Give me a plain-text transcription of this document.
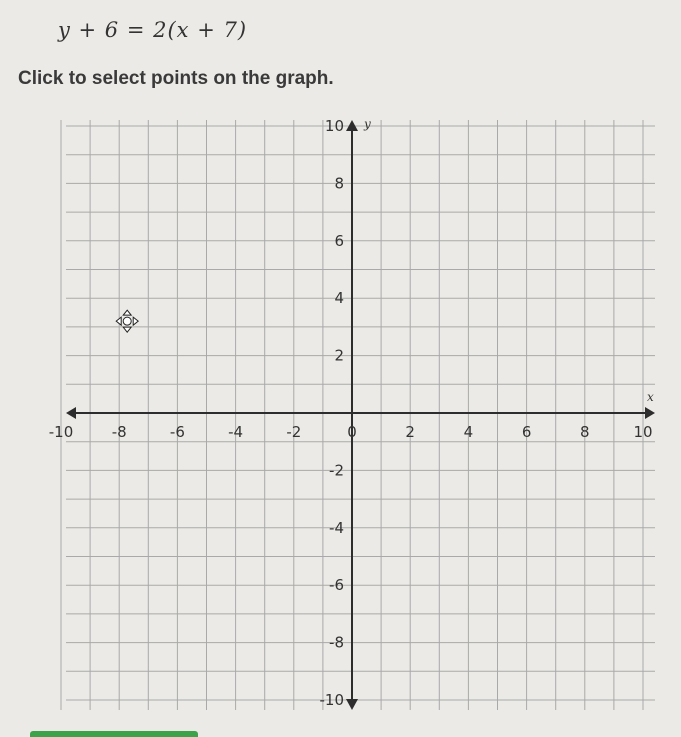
y + 6 = 2(x + 7)
Click to select points on the graph.
x
y
-10	-8	-6	-4	-2	0	2	4	6	8	10
10
8
6
4
2
-2
-4
-6
-8
-10
